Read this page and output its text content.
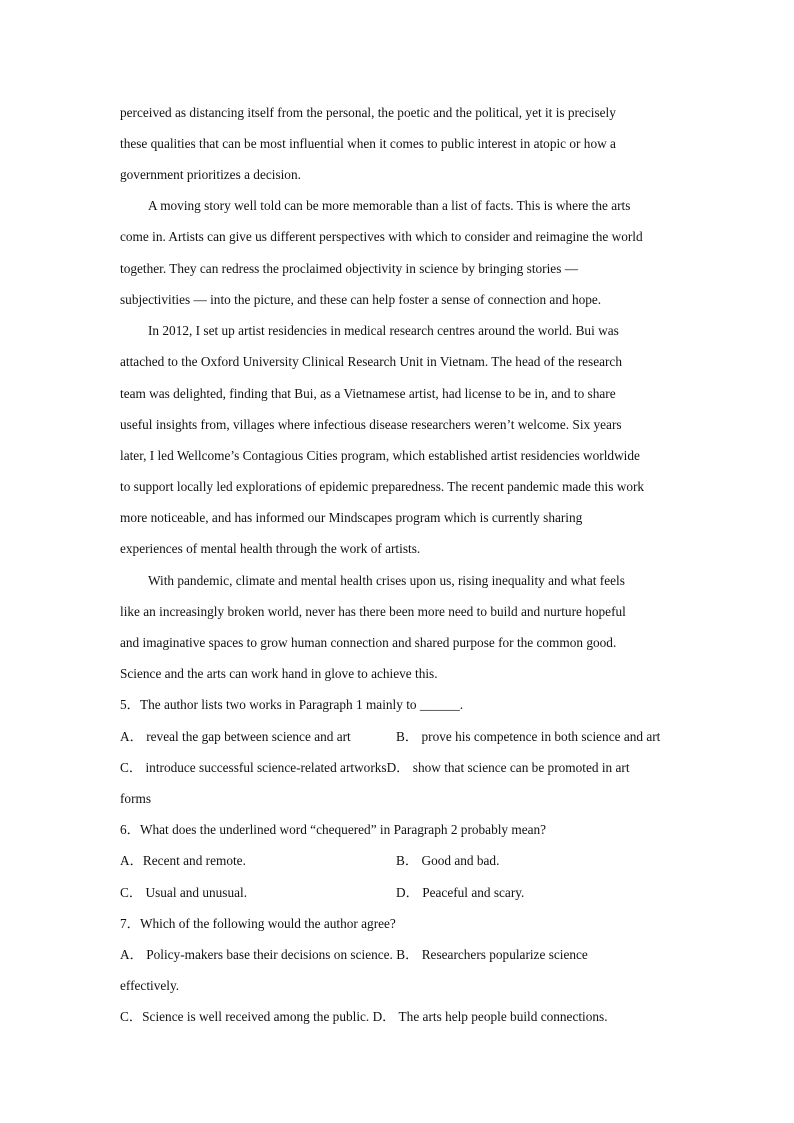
perceived as distancing itself from the personal, the poetic and the political, yet it is precisely
these qualities that can be most influential when it comes to public interest in atopic or how a
government prioritizes a decision.
A moving story well told can be more memorable than a list of facts. This is where the arts
come in. Artists can give us different perspectives with which to consider and reimagine the world
together. They can redress the proclaimed objectivity in science by bringing stories —
subjectivities — into the picture, and these can help foster a sense of connection and hope.
In 2012, I set up artist residencies in medical research centres around the world. Bui was
attached to the Oxford University Clinical Research Unit in Vietnam. The head of the research
team was delighted, finding that Bui, as a Vietnamese artist, had license to be in, and to share
useful insights from, villages where infectious disease researchers weren’t welcome. Six years
later, I led Wellcome’s Contagious Cities program, which established artist residencies worldwide
to support locally led explorations of epidemic preparedness. The recent pandemic made this work
more noticeable, and has informed our Mindscapes program which is currently sharing
experiences of mental health through the work of artists.
With pandemic, climate and mental health crises upon us, rising inequality and what feels
like an increasingly broken world, never has there been more need to build and nurture hopeful
and imaginative spaces to grow human connection and shared purpose for the common good.
Science and the arts can work hand in glove to achieve this.
5．The author lists two works in Paragraph 1 mainly to ______.
A． reveal the gap between science and art	B． prove his competence in both science and art
C． introduce successful science-related artworksD． show that science can be promoted in art
forms
6．What does the underlined word “chequered” in Paragraph 2 probably mean?
A．Recent and remote.	B． Good and bad.
C． Usual and unusual.	D． Peaceful and scary.
7．Which of the following would the author agree?
A． Policy-makers base their decisions on science. B． Researchers popularize science
effectively.
C．Science is well received among the public. D． The arts help people build connections.
